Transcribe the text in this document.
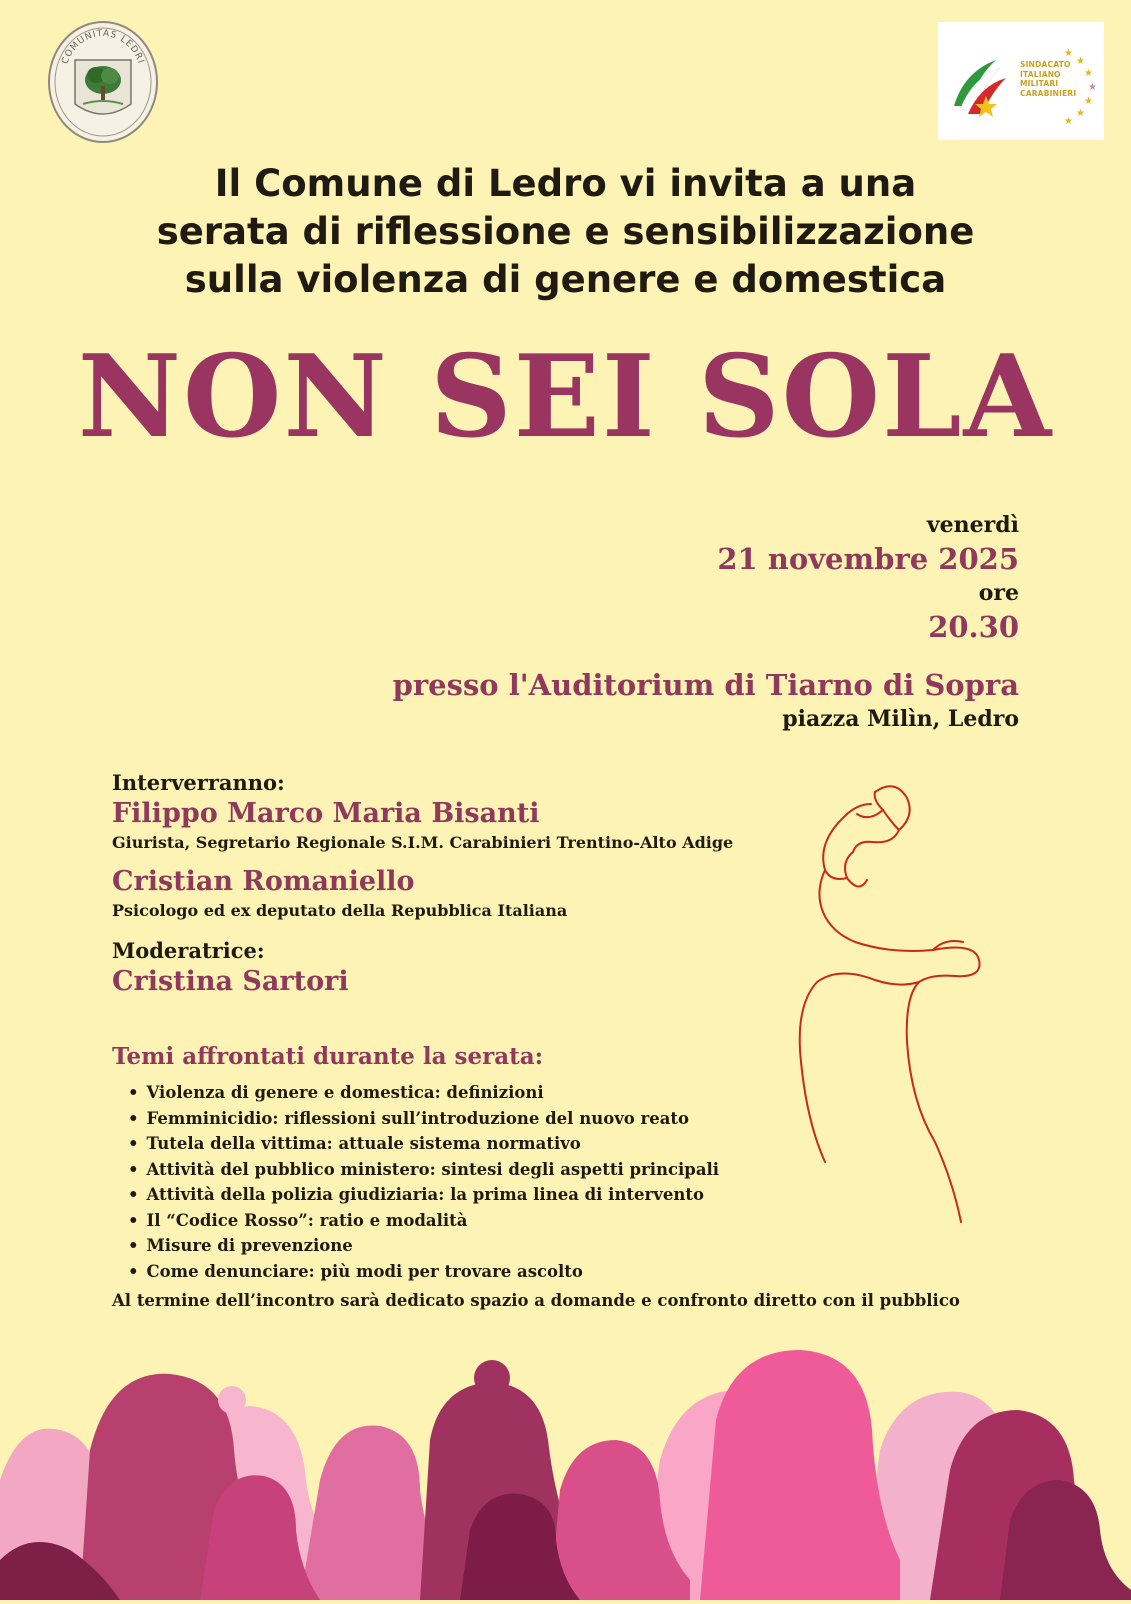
COMUNITAS LEDRI	SINDACATO
ITALIANO
MILITARI
CARABINIERI
★
★
★
★
★
★
★
Il Comune di Ledro vi invita a una
serata di riflessione e sensibilizzazione
sulla violenza di genere e domestica
NON SEI SOLA
venerdì
21 novembre 2025
ore
20.30
presso l'Auditorium di Tiarno di Sopra
piazza Milìn, Ledro
Interverranno:
Filippo Marco Maria Bisanti
Giurista, Segretario Regionale S.I.M. Carabinieri Trentino-Alto Adige
Cristian Romaniello
Psicologo ed ex deputato della Repubblica Italiana
Moderatrice:
Cristina Sartori
Temi affrontati durante la serata:
• Violenza di genere e domestica: definizioni
• Femminicidio: riflessioni sull’introduzione del nuovo reato
• Tutela della vittima: attuale sistema normativo
• Attività del pubblico ministero: sintesi degli aspetti principali
• Attività della polizia giudiziaria: la prima linea di intervento
• Il “Codice Rosso”: ratio e modalità
• Misure di prevenzione
• Come denunciare: più modi per trovare ascolto
Al termine dell’incontro sarà dedicato spazio a domande e confronto diretto con il pubblico
